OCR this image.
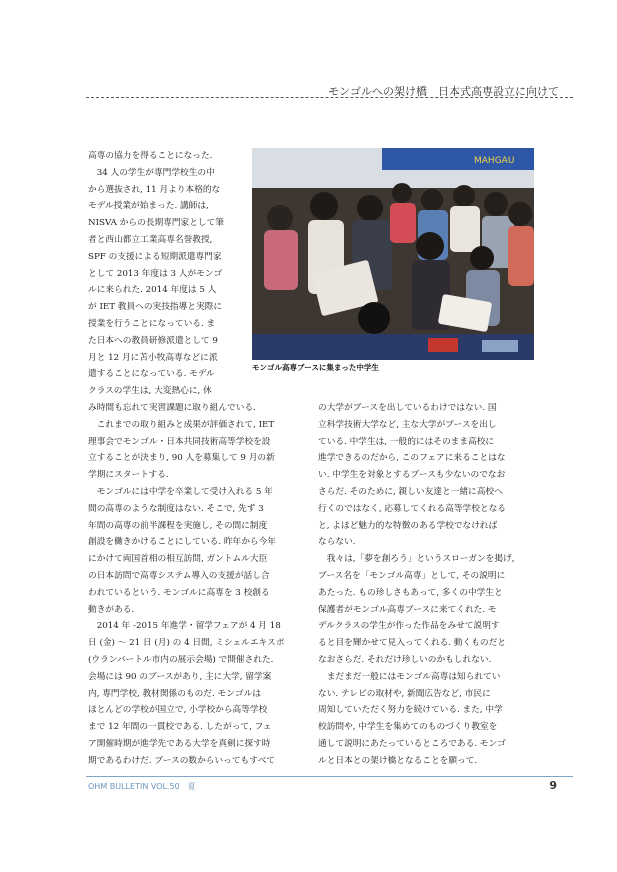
モンゴルへの架け橋　日本式高専設立に向けて
高専の協力を得ることになった.
　34 人の学生が専門学校生の中
から選抜され, 11 月より本格的な
モデル授業が始まった. 講師は,
NISVA からの長期専門家として筆
者と西山都立工業高専名誉教授,
SPF の支援による短期派遣専門家
として 2013 年度は 3 人がモンゴ
ルに来られた. 2014 年度は 5 人
が IET 教員への実技指導と実際に
授業を行うことになっている. ま
た日本への教員研修派遣として 9
月と 12 月に苫小牧高専などに派
遣することになっている. モデル
クラスの学生は, 大変熱心に, 休
MAHGAU
モンゴル高専ブースに集まった中学生
み時間も忘れて実習課題に取り組んでいる.
　これまでの取り組みと成果が評価されて, IET
理事会でモンゴル・日本共同技術高等学校を設
立することが決まり, 90 人を募集して 9 月の新
学期にスタートする.
　モンゴルには中学を卒業して受け入れる 5 年
間の高専のような制度はない. そこで, 先ず 3
年間の高専の前半課程を実施し, その間に制度
創設を働きかけることにしている. 昨年から今年
にかけて両国首相の相互訪問, ガントムル大臣
の日本訪問で高専システム導入の支援が話し合
われているという. モンゴルに高専を 3 校創る
動きがある.
　2014 年 -2015 年進学・留学フェアが 4 月 18
日 (金) 〜 21 日 (月) の 4 日間, ミシェルエキスポ
(ウランバートル市内の展示会場) で開催された.
会場には 90 のブースがあり, 主に大学, 留学案
内, 専門学校, 教材関係のものだ. モンゴルは
ほとんどの学校が国立で, 小学校から高等学校
まで 12 年間の一貫校である. したがって, フェ
ア開催時期が進学先である大学を真剣に探す時
期であるわけだ. ブースの数からいってもすべて
の大学がブースを出しているわけではない. 国
立科学技術大学など, 主な大学がブースを出し
ている. 中学生は, 一般的にはそのまま高校に
進学できるのだから, このフェアに来ることはな
い. 中学生を対象とするブースも少ないのでなお
さらだ. そのために, 親しい友達と一緒に高校へ
行くのではなく, 応募してくれる高等学校となる
と, よほど魅力的な特徴のある学校でなければ
ならない.
　我々は,「夢を創ろう」というスローガンを掲げ,
ブース名を「モンゴル高専」として, その説明に
あたった. もの珍しさもあって, 多くの中学生と
保護者がモンゴル高専ブースに来てくれた. モ
デルクラスの学生が作った作品をみせて説明す
ると目を輝かせて見入ってくれる. 動くものだと
なおさらだ. それだけ珍しいのかもしれない.
　まだまだ一般にはモンゴル高専は知られてい
ない. テレビの取材や, 新聞広告など, 市民に
周知していただく努力を続けている. また, 中学
校訪問や, 中学生を集めてのものづくり教室を
通して説明にあたっているところである. モンゴ
ルと日本との架け橋となることを願って.
OHM BULLETIN VOL.50　夏	9
